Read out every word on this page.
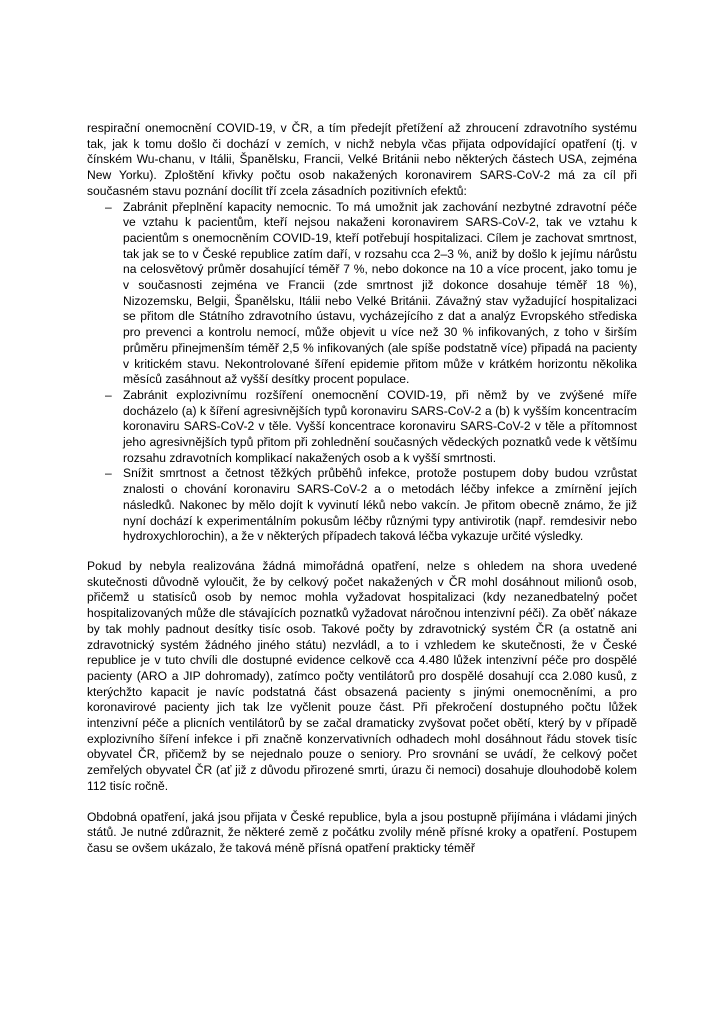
respirační onemocnění COVID-19, v ČR, a tím předejít přetížení až zhroucení zdravotního systému tak, jak k tomu došlo či dochází v zemích, v nichž nebyla včas přijata odpovídající opatření (tj. v čínském Wu-chanu, v Itálii, Španělsku, Francii, Velké Británii nebo některých částech USA, zejména New Yorku). Zploštění křivky počtu osob nakažených koronavirem SARS-CoV-2 má za cíl při současném stavu poznání docílit tří zcela zásadních pozitivních efektů:

– Zabránit přeplnění kapacity nemocnic. To má umožnit jak zachování nezbytné zdravotní péče ve vztahu k pacientům, kteří nejsou nakaženi koronavirem SARS-CoV-2, tak ve vztahu k pacientům s onemocněním COVID-19, kteří potřebují hospitalizaci. Cílem je zachovat smrtnost, tak jak se to v České republice zatím daří, v rozsahu cca 2–3 %, aniž by došlo k jejímu nárůstu na celosvětový průměr dosahující téměř 7 %, nebo dokonce na 10 a více procent, jako tomu je v současnosti zejména ve Francii (zde smrtnost již dokonce dosahuje téměř 18 %), Nizozemsku, Belgii, Španělsku, Itálii nebo Velké Británii. Závažný stav vyžadující hospitalizaci se přitom dle Státního zdravotního ústavu, vycházejícího z dat a analýz Evropského střediska pro prevenci a kontrolu nemocí, může objevit u více než 30 % infikovaných, z toho v širším průměru přinejmenším téměř 2,5 % infikovaných (ale spíše podstatně více) připadá na pacienty v kritickém stavu. Nekontrolované šíření epidemie přitom může v krátkém horizontu několika měsíců zasáhnout až vyšší desítky procent populace.
– Zabránit explozivnímu rozšíření onemocnění COVID-19, při němž by ve zvýšené míře docházelo (a) k šíření agresivnějších typů koronaviru SARS-CoV-2 a (b) k vyšším koncentracím koronaviru SARS-CoV-2 v těle. Vyšší koncentrace koronaviru SARS-CoV-2 v těle a přítomnost jeho agresivnějších typů přitom při zohlednění současných vědeckých poznatků vede k většímu rozsahu zdravotních komplikací nakažených osob a k vyšší smrtnosti.
– Snížit smrtnost a četnost těžkých průběhů infekce, protože postupem doby budou vzrůstat znalosti o chování koronaviru SARS-CoV-2 a o metodách léčby infekce a zmírnění jejích následků. Nakonec by mělo dojít k vyvinutí léků nebo vakcín. Je přitom obecně známo, že již nyní dochází k experimentálním pokusům léčby různými typy antivirotik (např. remdesivir nebo hydroxychlorochin), a že v některých případech taková léčba vykazuje určité výsledky.

Pokud by nebyla realizována žádná mimořádná opatření, nelze s ohledem na shora uvedené skutečnosti důvodně vyloučit, že by celkový počet nakažených v ČR mohl dosáhnout milionů osob, přičemž u statisíců osob by nemoc mohla vyžadovat hospitalizaci (kdy nezanedbatelný počet hospitalizovaných může dle stávajících poznatků vyžadovat náročnou intenzivní péči). Za oběť nákaze by tak mohly padnout desítky tisíc osob. Takové počty by zdravotnický systém ČR (a ostatně ani zdravotnický systém žádného jiného státu) nezvládl, a to i vzhledem ke skutečnosti, že v České republice je v tuto chvíli dle dostupné evidence celkově cca 4.480 lůžek intenzivní péče pro dospělé pacienty (ARO a JIP dohromady), zatímco počty ventilátorů pro dospělé dosahují cca 2.080 kusů, z kterýchžto kapacit je navíc podstatná část obsazená pacienty s jinými onemocněními, a pro koronavirové pacienty jich tak lze vyčlenit pouze část. Při překročení dostupného počtu lůžek intenzivní péče a plicních ventilátorů by se začal dramaticky zvyšovat počet obětí, který by v případě explozivního šíření infekce i při značně konzervativních odhadech mohl dosáhnout řádu stovek tisíc obyvatel ČR, přičemž by se nejednalo pouze o seniory. Pro srovnání se uvádí, že celkový počet zemřelých obyvatel ČR (ať již z důvodu přirozené smrti, úrazu či nemoci) dosahuje dlouhodobě kolem 112 tisíc ročně.

Obdobná opatření, jaká jsou přijata v České republice, byla a jsou postupně přijímána i vládami jiných států. Je nutné zdůraznit, že některé země z počátku zvolily méně přísné kroky a opatření. Postupem času se ovšem ukázalo, že taková méně přísná opatření prakticky téměř
